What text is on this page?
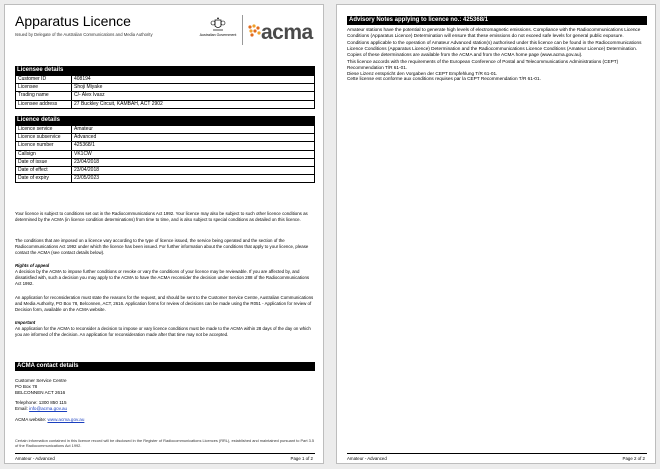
Apparatus Licence
Issued by Delegate of the Australian Communications and Media Authority	Australian Government acma
Licensee details
Customer ID	408194
Licensee	Shoji Miyake
Trading name	C/- Alex Ivasz
Licensee address	27 Buckley Circuit, KAMBAH, ACT 2902
Licence details
Licence service	Amateur
Licence subservice	Advanced
Licence number	425368/1
Callsign	VK1CW
Date of issue	23/04/2018
Date of effect	23/04/2018
Date of expiry	23/05/2023

Your licence is subject to conditions set out in the Radiocommunications Act 1992. Your licence may also be subject to such other licence conditions as determined by the ACMA (in licence condition determinations) from time to time, and is also subject to special conditions as detailed on this licence.

The conditions that are imposed on a licence vary according to the type of licence issued, the service being operated and the section of the Radiocommunications Act 1992 under which the licence has been issued. For further information about the conditions that apply to your licence, please contact the ACMA (see contact details below).

Rights of appeal
A decision by the ACMA to impose further conditions or revoke or vary the conditions of your licence may be reviewable. If you are affected by, and dissatisfied with, such a decision you may apply to the ACMA to have the ACMA reconsider the decision under section 288 of the Radiocommunications Act 1992.

An application for reconsideration must state the reasons for the request, and should be sent to the Customer Service Centre, Australian Communications and Media Authority, PO Box 78, Belconnen, ACT, 2616. Application forms for review of decisions can be made using the R051 - Application for review of Decision form, available on the ACMA website.

Important
An application for the ACMA to reconsider a decision to impose or vary licence conditions must be made to the ACMA within 28 days of the day on which you are informed of the decision. An application for reconsideration made after that time may not be accepted.

ACMA contact details
Customer Service Centre
PO Box 78
BELCONNEN ACT 2616
Telephone: 1300 850 115
Email: info@acma.gov.au
ACMA website: www.acma.gov.au
Certain information contained in this licence record will be disclosed in the Register of Radiocommunications Licences (RRL), established and maintained pursuant to Part 3.5 of the Radiocommunications Act 1992.
Amateur - Advanced	Page 1 of 2
Advisory Notes applying to licence no.: 425368/1

Amateur stations have the potential to generate high levels of electromagnetic emissions. Compliance with the Radiocommunications Licence Conditions (Apparatus Licence) Determination will ensure that these emissions do not exceed safe levels for general public exposure.

Conditions applicable to the operation of Amateur Advanced station(s) authorised under this licence can be found in the Radiocommunications Licence Conditions (Apparatus Licence) Determination and the Radiocommunications Licence Conditions (Amateur Licence) Determination. Copies of these determinations are available from the ACMA and from the ACMA home page (www.acma.gov.au).

This licence accords with the requirements of the European Conference of Postal and Telecommunications Administrations (CEPT) Recommendation T/R 61-01.

Diese Lizenz entspricht den Vorgaben der CEPT Empfehlung T/R 61-01.

Cette license est conforme aux conditions requises par la CEPT Recommendation T/R 61-01.

Amateur - Advanced	Page 2 of 2
